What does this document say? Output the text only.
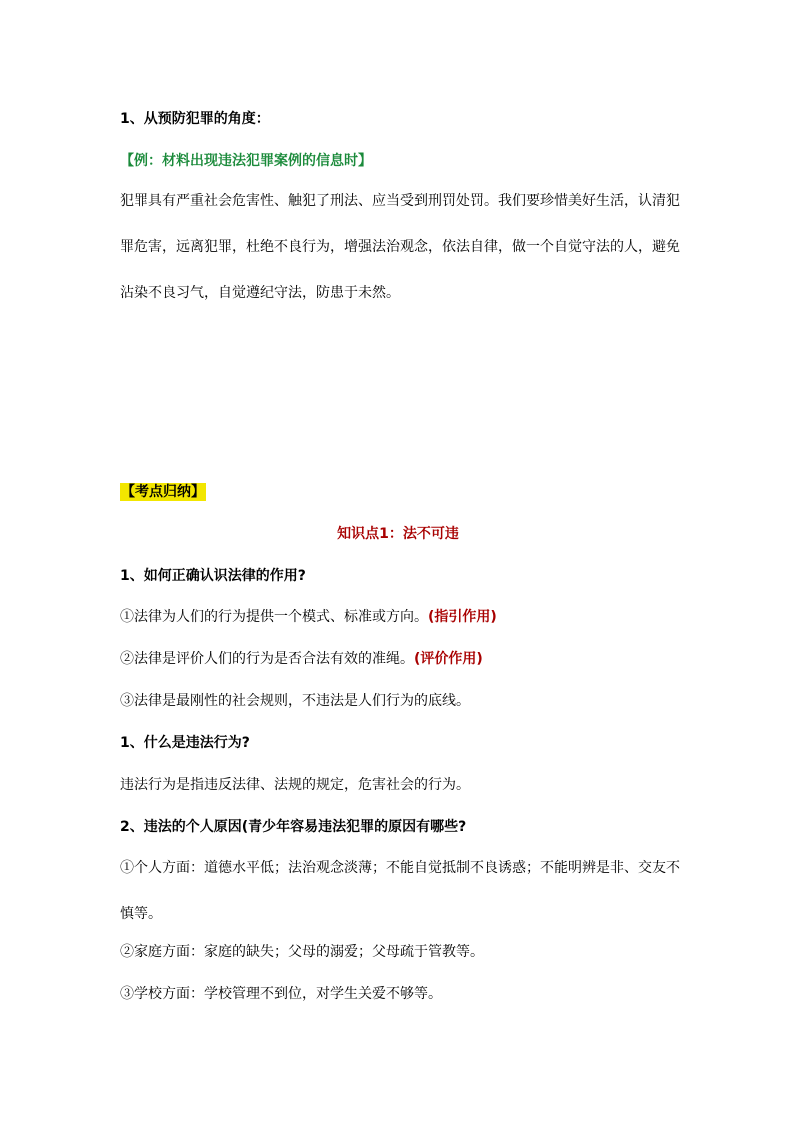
1、从预防犯罪的角度：

【例：材料出现违法犯罪案例的信息时】

犯罪具有严重社会危害性、触犯了刑法、应当受到刑罚处罚。我们要珍惜美好生活，认清犯
罪危害，远离犯罪，杜绝不良行为，增强法治观念，依法自律，做一个自觉守法的人，避免
沾染不良习气，自觉遵纪守法，防患于未然。

【考点归纳】

知识点1：法不可违

1、如何正确认识法律的作用?

①法律为人们的行为提供一个模式、标准或方向。(指引作用)

②法律是评价人们的行为是否合法有效的准绳。(评价作用)

③法律是最刚性的社会规则，不违法是人们行为的底线。

1、什么是违法行为?

违法行为是指违反法律、法规的规定，危害社会的行为。

2、违法的个人原因(青少年容易违法犯罪的原因有哪些?

①个人方面：道德水平低；法治观念淡薄；不能自觉抵制不良诱惑；不能明辨是非、交友不
慎等。

②家庭方面：家庭的缺失；父母的溺爱；父母疏于管教等。

③学校方面：学校管理不到位，对学生关爱不够等。
